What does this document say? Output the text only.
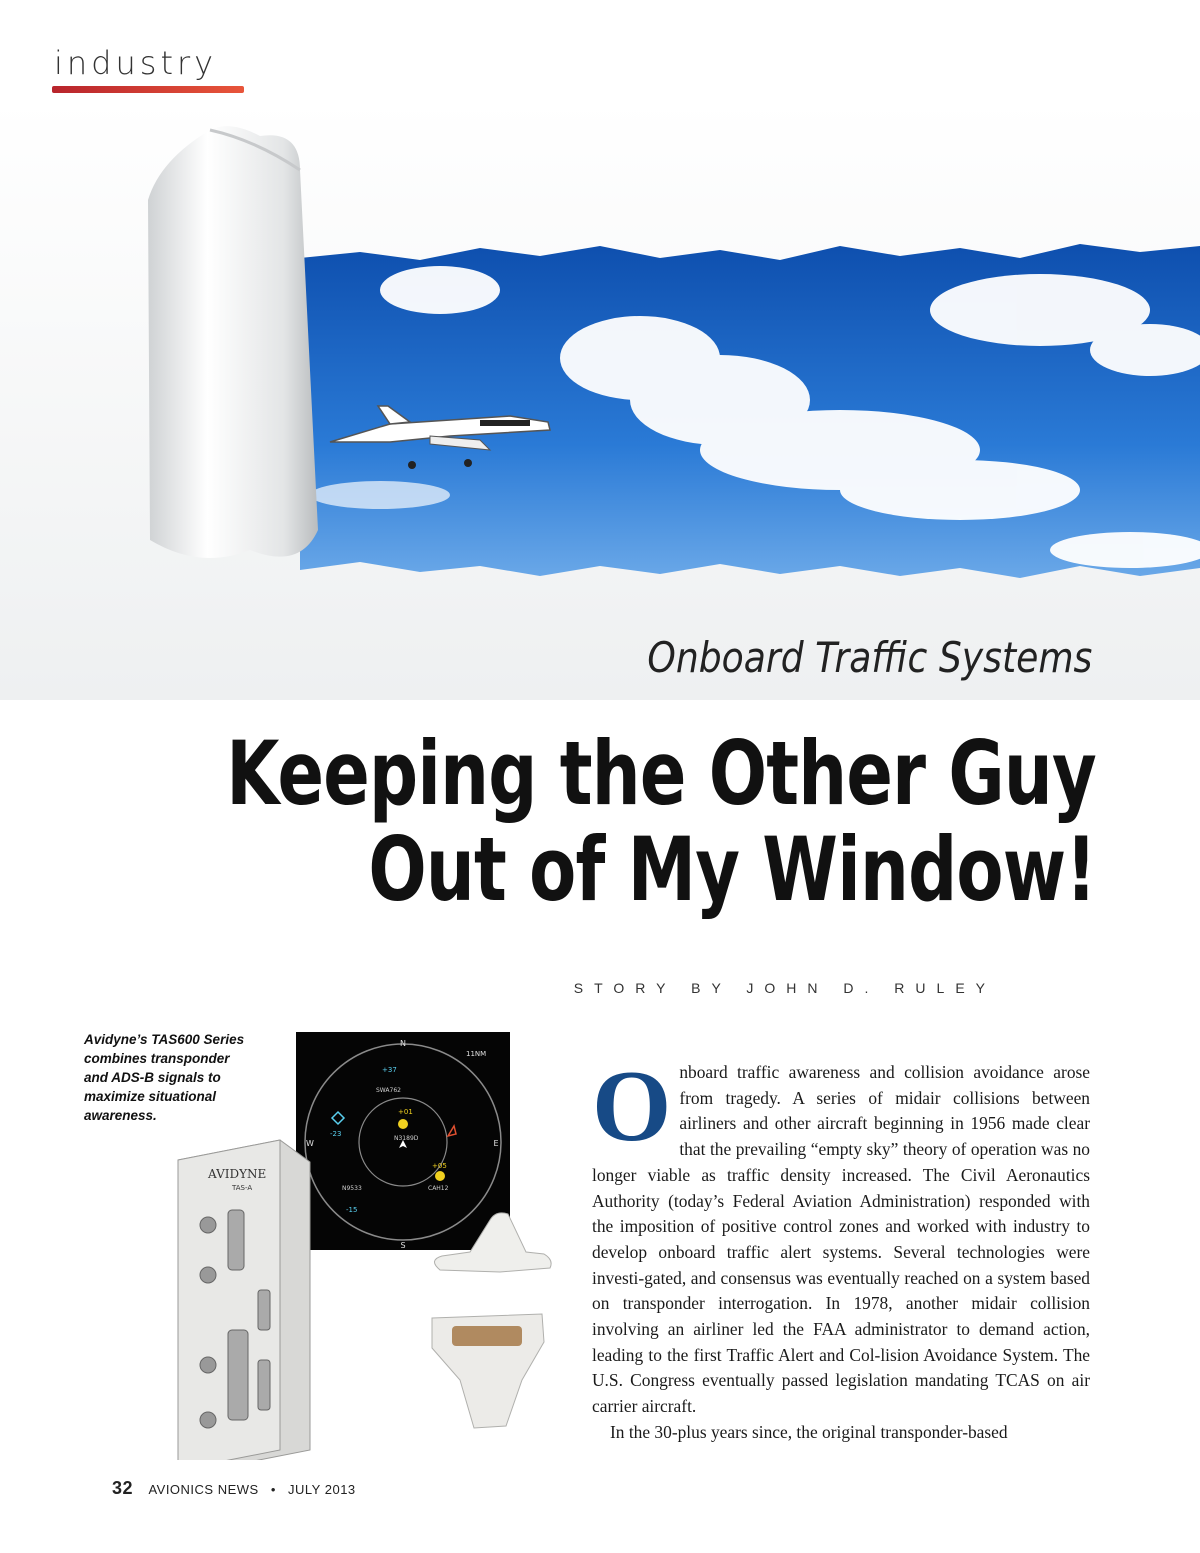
industry
Onboard Traffic Systems
Keeping the Other Guy
Out of My Window!
STORY BY JOHN D. RULEY
Avidyne’s TAS600 Series combines transponder and ADS-B signals to maximize situational awareness.
N
E
S
W
11NM
+37
SWA762
+01
N3189D
-23
+05
CAH12
N9533
-15
AVIDYNE
TAS-A

Onboard traffic awareness and collision avoidance arose from tragedy. A series of midair collisions between airliners and other aircraft beginning in 1956 made clear that the prevailing “empty sky” theory of operation was no longer viable as traffic density increased. The Civil Aeronautics Authority (today’s Federal Aviation Administration) responded with the imposition of positive control zones and worked with industry to develop onboard traffic alert systems. Several technologies were investi-gated, and consensus was eventually reached on a system based on transponder interrogation. In 1978, another midair collision involving an airliner led the FAA administrator to demand action, leading to the first Traffic Alert and Col-lision Avoidance System. The U.S. Congress eventually passed legislation mandating TCAS on air carrier aircraft.

In the 30-plus years since, the original transponder-based

32 AVIONICS NEWS • JULY 2013
